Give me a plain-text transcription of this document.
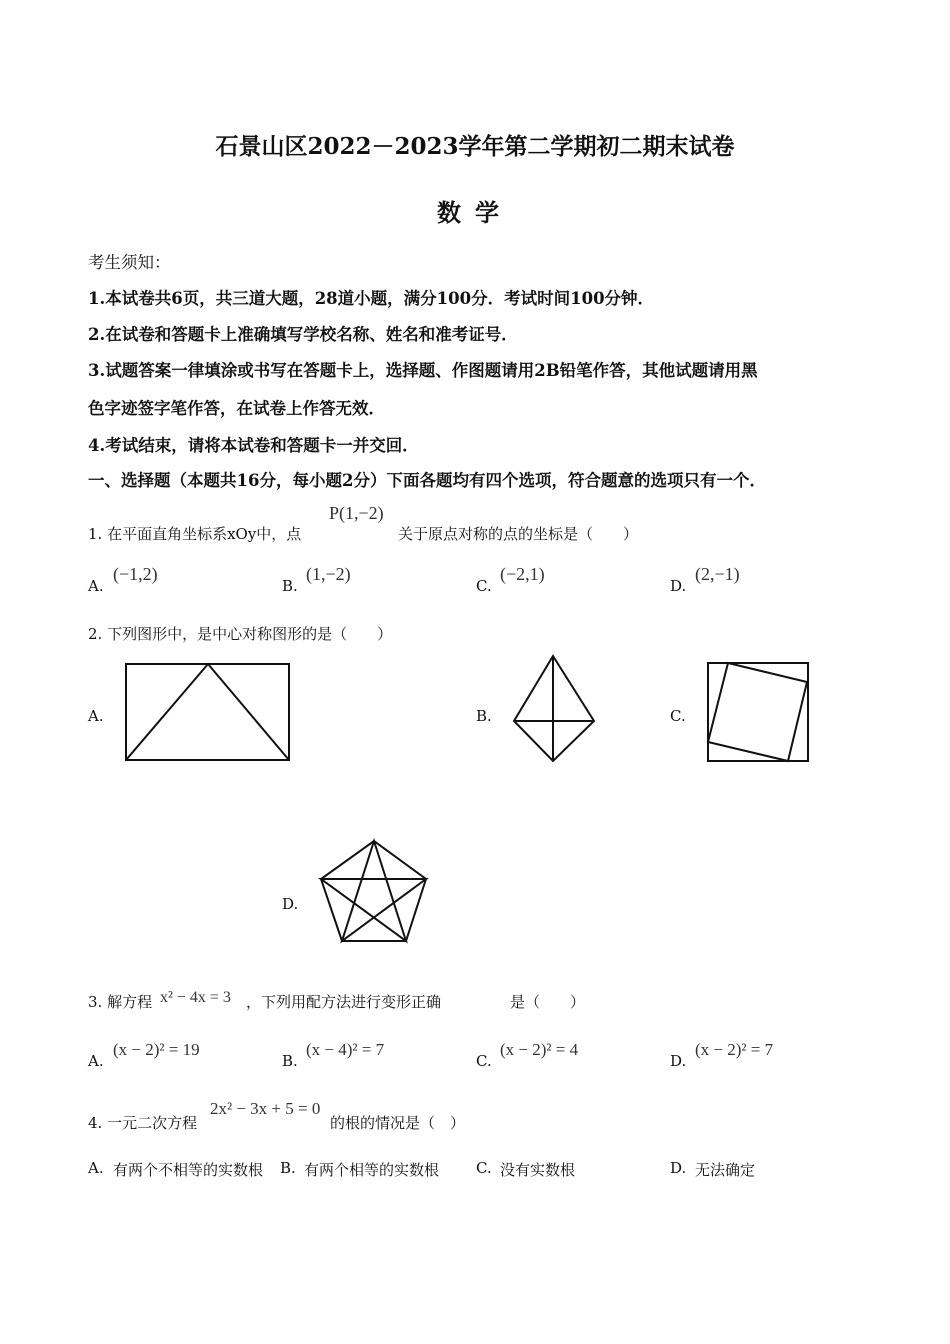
石景山区2022－2023学年第二学期初二期末试卷
数学
考生须知：
1.本试卷共6页，共三道大题，28道小题，满分100分．考试时间100分钟．
2.在试卷和答题卡上准确填写学校名称、姓名和准考证号．
3.试题答案一律填涂或书写在答题卡上，选择题、作图题请用2B铅笔作答，其他试题请用黑
色字迹签字笔作答，在试卷上作答无效．
4.考试结束，请将本试卷和答题卡一并交回．
一、选择题（本题共16分，每小题2分）下面各题均有四个选项，符合题意的选项只有一个．
1. 在平面直角坐标系xOy中，点
P(1,−2)
关于原点对称的点的坐标是（　　）
A.
(−1,2)
B.
(1,−2)
C.
(−2,1)
D.
(2,−1)
2. 下列图形中，是中心对称图形的是（　　）
A.	B.	C.
D.
3. 解方程 x² − 4x = 3 ，下列用配方法进行变形正确	是（　　）
A.
(x − 2)² = 19
B.
(x − 4)² = 7
C.
(x − 2)² = 4
D.
(x − 2)² = 7
4. 一元二次方程
2x² − 3x + 5 = 0
的根的情况是（　）
A. 有两个不相等的实数根 B. 有两个相等的实数根 C. 没有实数根	D. 无法确定
